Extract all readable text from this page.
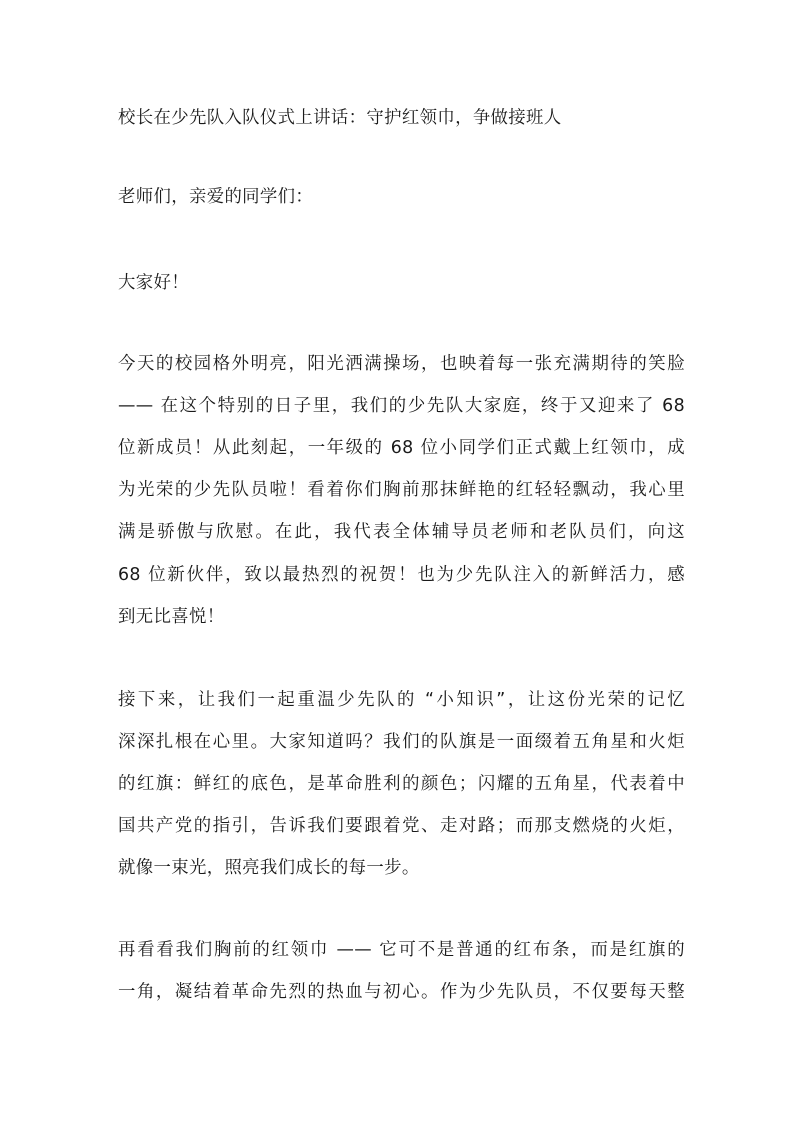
校长在少先队入队仪式上讲话：守护红领巾，争做接班人
老师们，亲爱的同学们：
大家好！
今天的校园格外明亮，阳光洒满操场，也映着每一张充满期待的笑脸
—— 在这个特别的日子里，我们的少先队大家庭，终于又迎来了 68
位新成员！从此刻起，一年级的 68 位小同学们正式戴上红领巾，成
为光荣的少先队员啦！看着你们胸前那抹鲜艳的红轻轻飘动，我心里
满是骄傲与欣慰。在此，我代表全体辅导员老师和老队员们，向这
68 位新伙伴，致以最热烈的祝贺！也为少先队注入的新鲜活力，感
到无比喜悦！
接下来，让我们一起重温少先队的 “小知识”，让这份光荣的记忆
深深扎根在心里。大家知道吗？我们的队旗是一面缀着五角星和火炬
的红旗：鲜红的底色，是革命胜利的颜色；闪耀的五角星，代表着中
国共产党的指引，告诉我们要跟着党、走对路；而那支燃烧的火炬，
就像一束光，照亮我们成长的每一步。
再看看我们胸前的红领巾 —— 它可不是普通的红布条，而是红旗的
一角，凝结着革命先烈的热血与初心。作为少先队员，不仅要每天整
